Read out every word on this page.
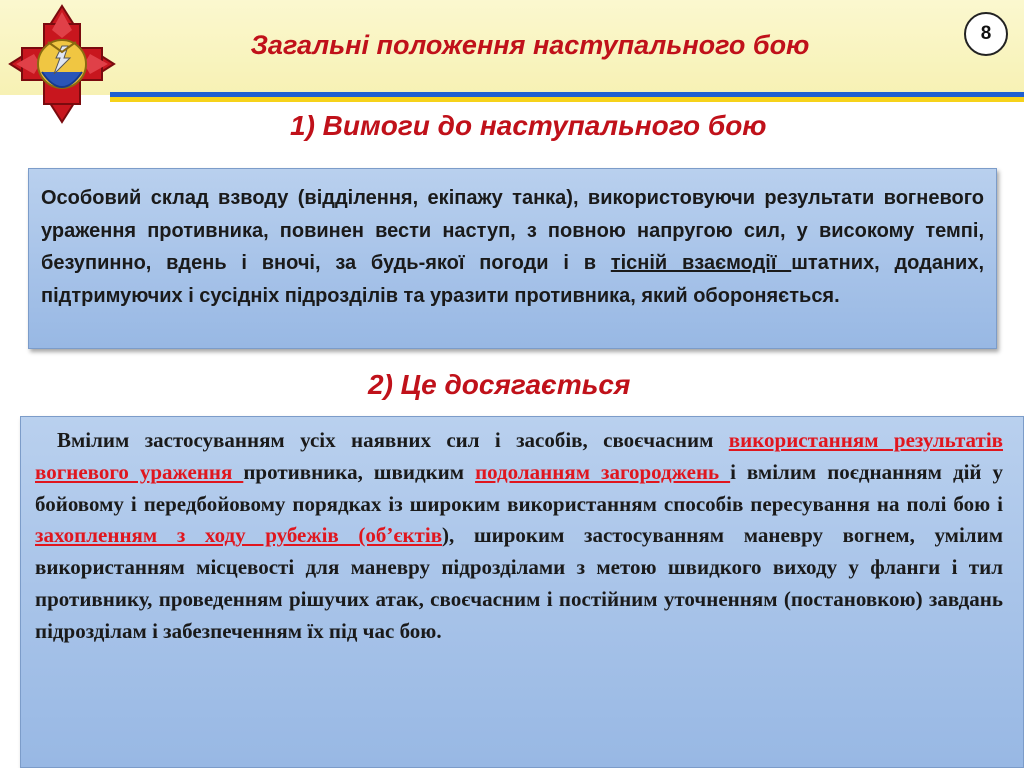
Загальні положення наступального бою	8
1) Вимоги до наступального бою

Особовий склад взводу (відділення, екіпажу танка), використовуючи результати вогневого ураження противника, повинен вести наступ, з повною напругою сил, у високому темпі, безупинно, вдень і вночі, за будь-якої погоди і в тісній взаємодії штатних, доданих, підтримуючих і сусідніх підрозділів та уразити противника, який обороняється.

2) Це досягається

Вмілим застосуванням усіх наявних сил і засобів, своєчасним використанням результатів вогневого ураження противника, швидким подоланням загороджень і вмілим поєднанням дій у бойовому і передбойовому порядках із широким використанням способів пересування на полі бою і захопленням з ходу рубежів (об’єктів), широким застосуванням маневру вогнем, умілим використанням місцевості для маневру підрозділами з метою швидкого виходу у фланги і тил противнику, проведенням рішучих атак, своєчасним і постійним уточненням (постановкою) завдань підрозділам і забезпеченням їх під час бою.
